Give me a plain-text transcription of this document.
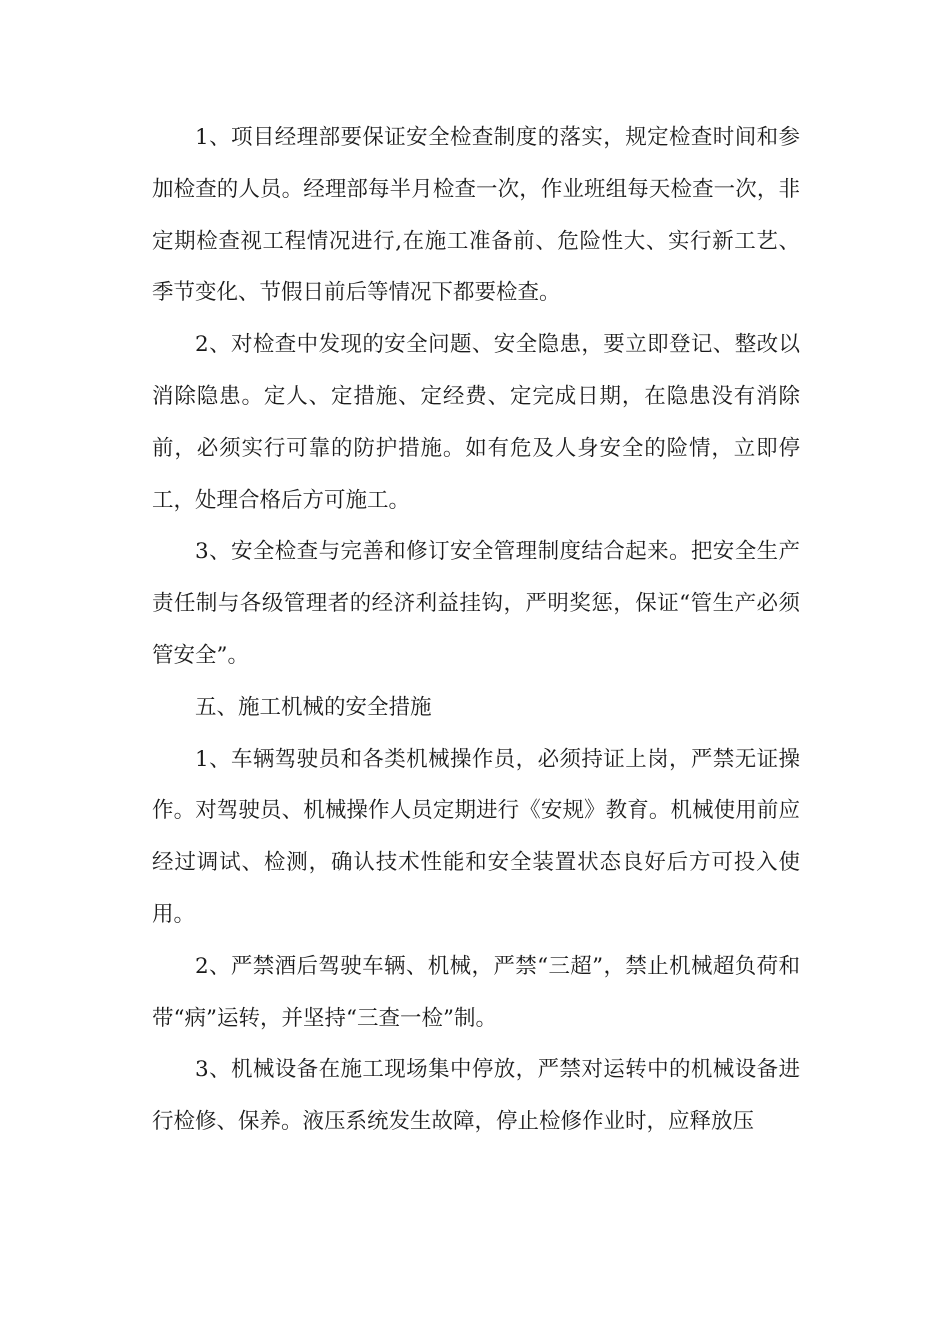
1、项目经理部要保证安全检查制度的落实，规定检查时间和参加检查的人员。经理部每半月检查一次，作业班组每天检查一次，非定期检查视工程情况进行,在施工准备前、危险性大、实行新工艺、季节变化、节假日前后等情况下都要检查。

2、对检查中发现的安全问题、安全隐患，要立即登记、整改以消除隐患。定人、定措施、定经费、定完成日期，在隐患没有消除前，必须实行可靠的防护措施。如有危及人身安全的险情，立即停工，处理合格后方可施工。

3、安全检查与完善和修订安全管理制度结合起来。把安全生产责任制与各级管理者的经济利益挂钩，严明奖惩，保证“管生产必须管安全”。

五、施工机械的安全措施

1、车辆驾驶员和各类机械操作员，必须持证上岗，严禁无证操作。对驾驶员、机械操作人员定期进行《安规》教育。机械使用前应经过调试、检测，确认技术性能和安全装置状态良好后方可投入使用。

2、严禁酒后驾驶车辆、机械，严禁“三超”，禁止机械超负荷和带“病”运转，并坚持“三查一检”制。

3、机械设备在施工现场集中停放，严禁对运转中的机械设备进行检修、保养。液压系统发生故障，停止检修作业时，应释放压
